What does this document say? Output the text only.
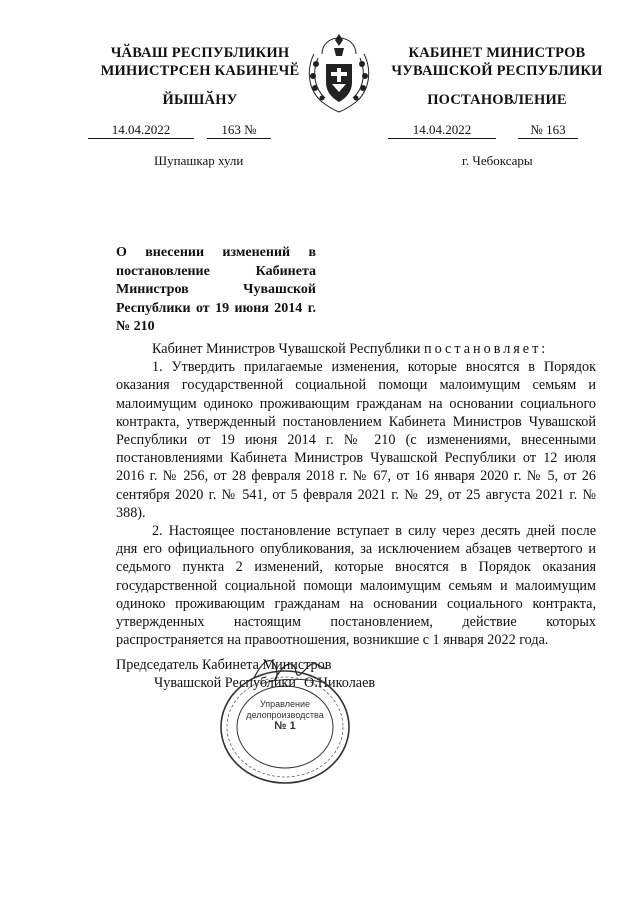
ЧӐВАШ РЕСПУБЛИКИН
МИНИСТРСЕН КАБИНЕЧӖ
ЙЫШӐНУ
КАБИНЕТ МИНИСТРОВ
ЧУВАШСКОЙ РЕСПУБЛИКИ
ПОСТАНОВЛЕНИЕ
14.04.2022	163 №	14.04.2022	№ 163
Шупашкар хули	г. Чебоксары
О внесении изменений в постановление Кабинета Министров Чувашской Республики от 19 июня 2014 г. № 210

Кабинет Министров Чувашской Республики постановляет:

1. Утвердить прилагаемые изменения, которые вносятся в Порядок оказания государственной социальной помощи малоимущим семьям и малоимущим одиноко проживающим гражданам на основании социального контракта, утвержденный постановлением Кабинета Министров Чувашской Республики от 19 июня 2014 г. № 210 (с изменениями, внесенными постановлениями Кабинета Министров Чувашской Республики от 12 июля 2016 г. № 256, от 28 февраля 2018 г. № 67, от 16 января 2020 г. № 5, от 26 сентября 2020 г. № 541, от 5 февраля 2021 г. № 29, от 25 августа 2021 г. № 388).

2. Настоящее постановление вступает в силу через десять дней после дня его официального опубликования, за исключением абзацев четвертого и седьмого пункта 2 изменений, которые вносятся в Порядок оказания государственной социальной помощи малоимущим семьям и малоимущим одиноко проживающим гражданам на основании социального контракта, утвержденных настоящим постановлением, действие которых распространяется на правоотношения, возникшие с 1 января 2022 года.

Председатель Кабинета Министров
Чувашской Республики О.Николаев
Управление
делопроизводства
№ 1
